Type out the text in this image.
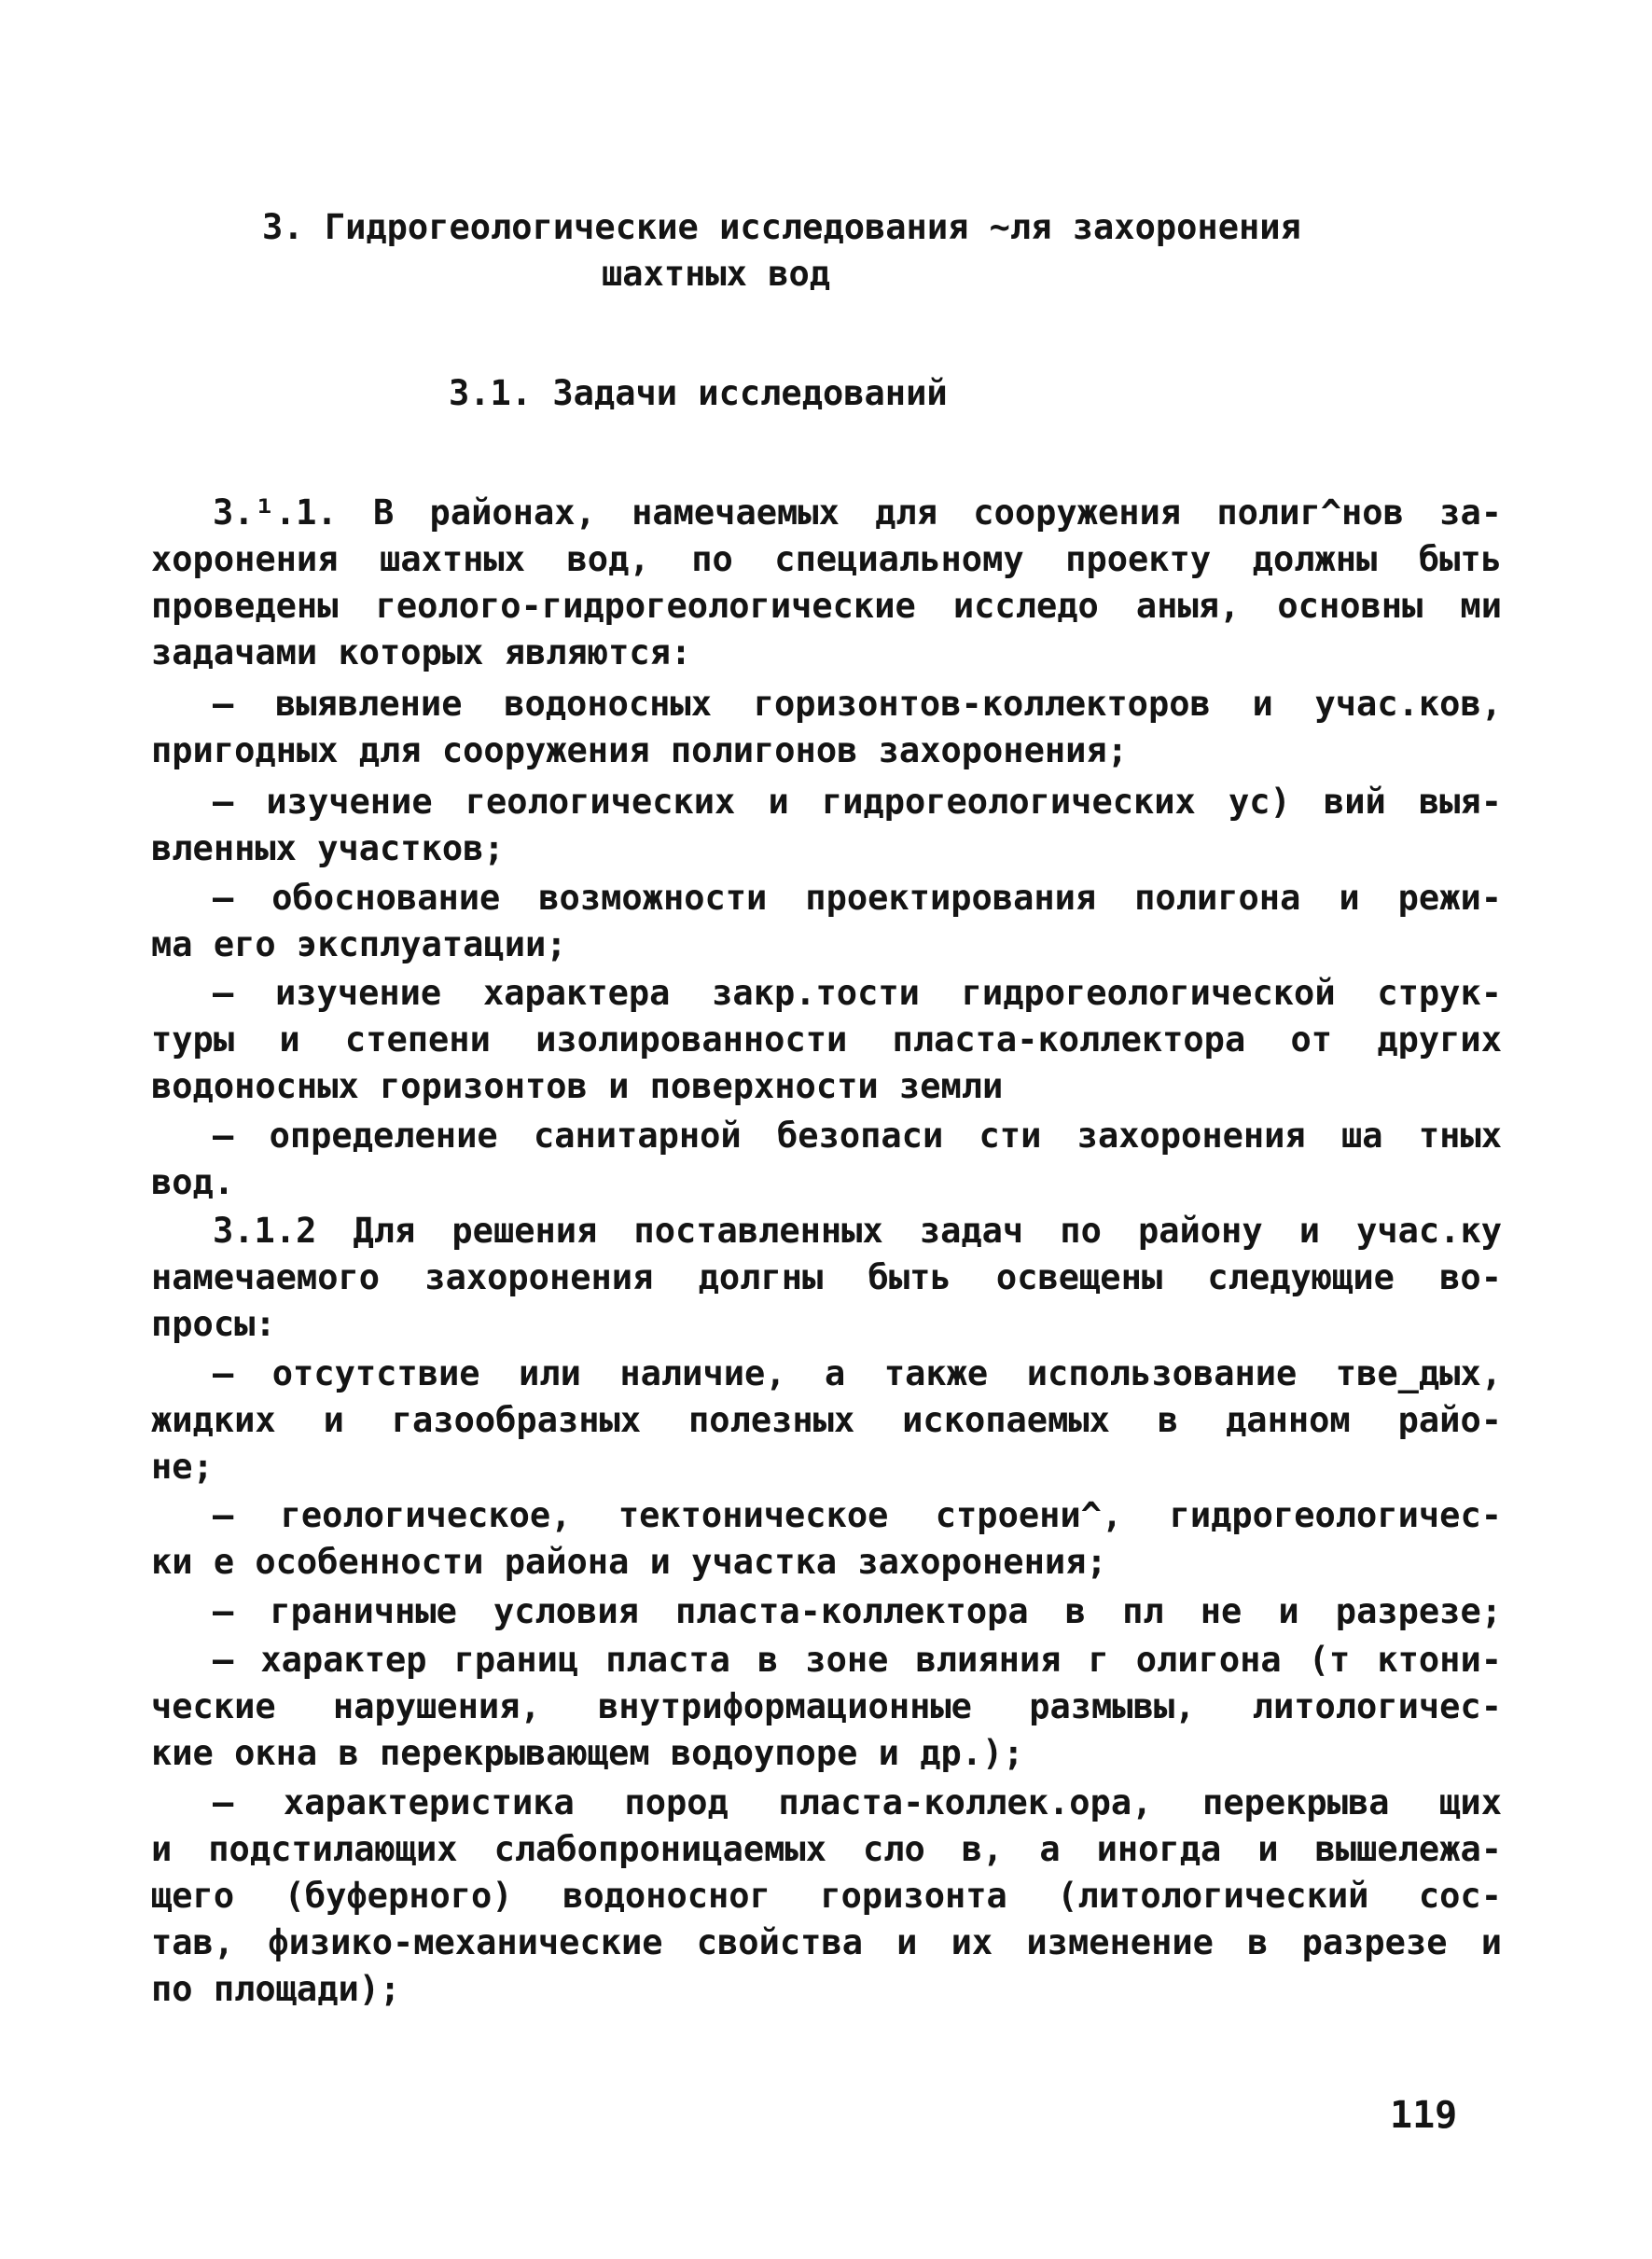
3. Гидрогеологические исследования ~ля захоронения
шахтных вод
3.1. Задачи исследований
3.¹.1. В районах, намечаемых для сооружения полиг^нов за-
хоронения шахтных вод, по специальному проекту должны быть
проведены геолого-гидрогеологические исследо аныя, основны ми
задачами которых являются:
– выявление водоносных горизонтов-коллекторов и учас.ков,
пригодных для сооружения полигонов захоронения;
– изучение геологических и гидрогеологических ус) вий выя-
вленных участков;
– обоснование возможности проектирования полигона и режи-
ма его эксплуатации;
– изучение характера закр.тости гидрогеологической струк-
туры и степени изолированности пласта-коллектора от других
водоносных горизонтов и поверхности земли
– определение санитарной безопаси сти захоронения ша тных
вод.
3.1.2 Для решения поставленных задач по району и учас.ку
намечаемого захоронения долгны быть освещены следующие во-
просы:
– отсутствие или наличие, а также использование тве_дых,
жидких и газообразных полезных ископаемых в данном райо-
не;
– геологическое, тектоническое строени^, гидрогеологичес-
ки е особенности района и участка захоронения;
– граничные условия пласта-коллектора в пл не и разрезе;
– характер границ пласта в зоне влияния г олигона (т ктони-
ческие нарушения, внутриформационные размывы, литологичес-
кие окна в перекрывающем водоупоре и др.);
– характеристика пород пласта-коллек.ора, перекрыва щих
и подстилающих слабопроницаемых сло в, а иногда и вышележа-
щего (буферного) водоносног горизонта (литологический сос-
тав, физико-механические свойства и их изменение в разрезе и
по площади);
119
